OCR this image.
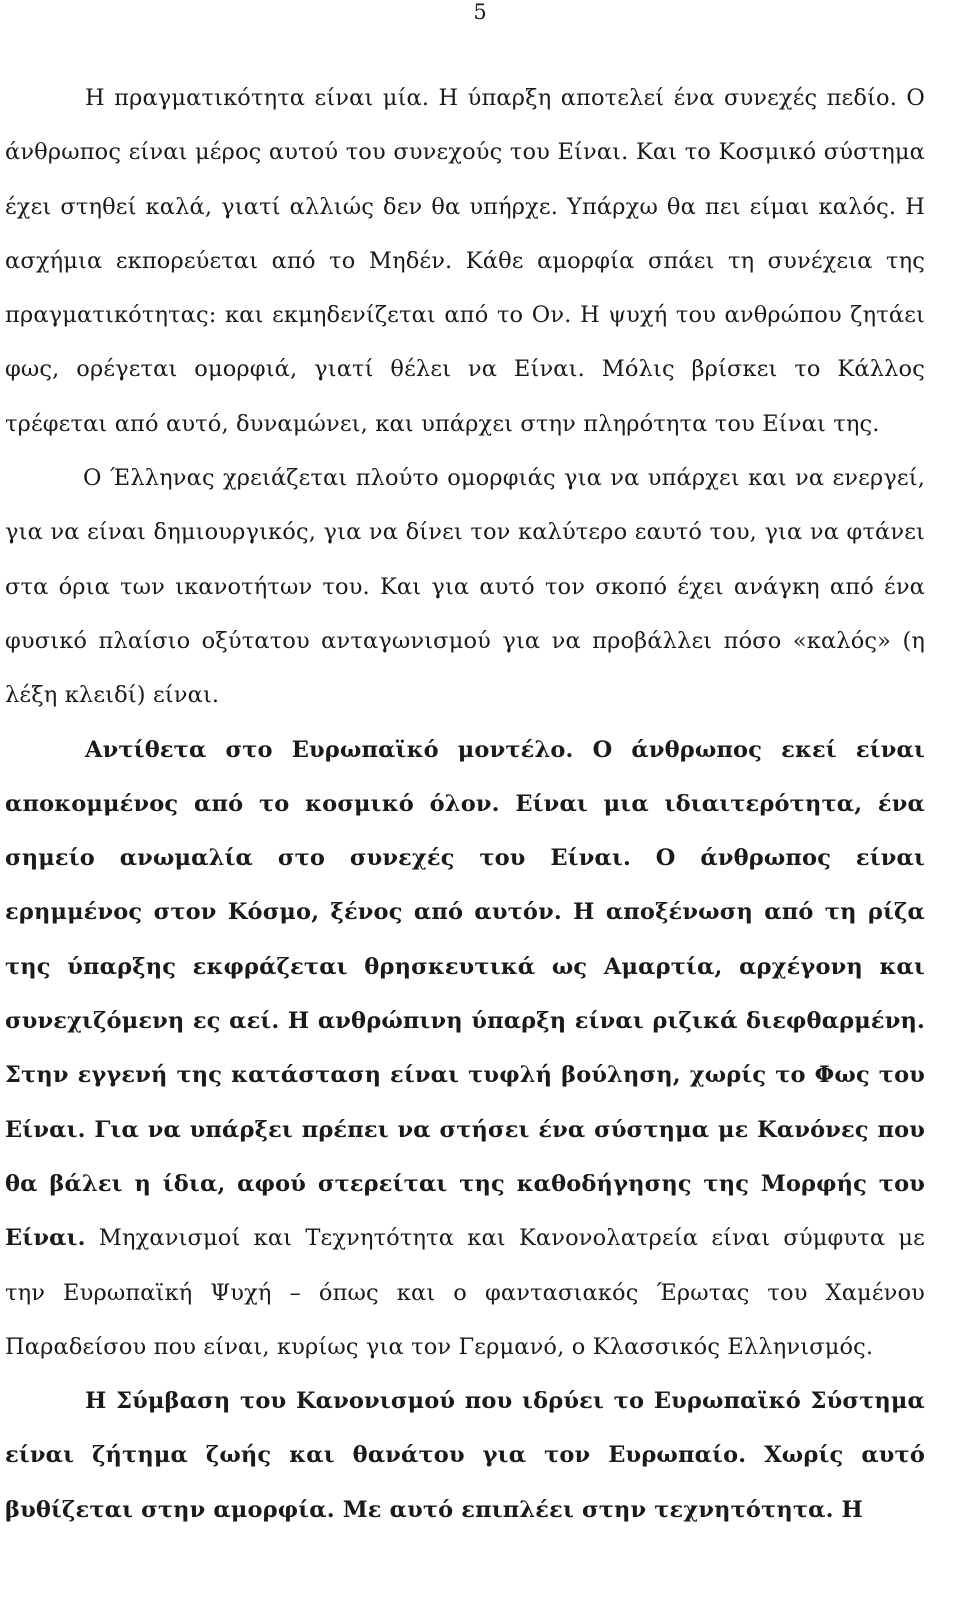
5

Η πραγματικότητα είναι μία. Η ύπαρξη αποτελεί ένα συνεχές πεδίο. Ο άνθρωπος είναι μέρος αυτού του συνεχούς του Είναι. Και το Κοσμικό σύστημα έχει στηθεί καλά, γιατί αλλιώς δεν θα υπήρχε. Υπάρχω θα πει είμαι καλός. Η ασχήμια εκπορεύεται από το Μηδέν. Κάθε αμορφία σπάει τη συνέχεια της πραγματικότητας: και εκμηδενίζεται από το Ον. Η ψυχή του ανθρώπου ζητάει φως, ορέγεται ομορφιά, γιατί θέλει να Είναι. Μόλις βρίσκει το Κάλλος τρέφεται από αυτό, δυναμώνει, και υπάρχει στην πληρότητα του Είναι της.

Ο Έλληνας χρειάζεται πλούτο ομορφιάς για να υπάρχει και να ενεργεί, για να είναι δημιουργικός, για να δίνει τον καλύτερο εαυτό του, για να φτάνει στα όρια των ικανοτήτων του. Και για αυτό τον σκοπό έχει ανάγκη από ένα φυσικό πλαίσιο οξύτατου ανταγωνισμού για να προβάλλει πόσο «καλός» (η λέξη κλειδί) είναι.

Αντίθετα στο Ευρωπαϊκό μοντέλο. Ο άνθρωπος εκεί είναι αποκομμένος από το κοσμικό όλον. Είναι μια ιδιαιτερότητα, ένα σημείο ανωμαλία στο συνεχές του Είναι. Ο άνθρωπος είναι ερημμένος στον Κόσμο, ξένος από αυτόν. Η αποξένωση από τη ρίζα της ύπαρξης εκφράζεται θρησκευτικά ως Αμαρτία, αρχέγονη και συνεχιζόμενη ες αεί. Η ανθρώπινη ύπαρξη είναι ριζικά διεφθαρμένη. Στην εγγενή της κατάσταση είναι τυφλή βούληση, χωρίς το Φως του Είναι. Για να υπάρξει πρέπει να στήσει ένα σύστημα με Κανόνες που θα βάλει η ίδια, αφού στερείται της καθοδήγησης της Μορφής του Είναι. Μηχανισμοί και Τεχνητότητα και Κανονολατρεία είναι σύμφυτα με την Ευρωπαϊκή Ψυχή – όπως και ο φαντασιακός Έρωτας του Χαμένου Παραδείσου που είναι, κυρίως για τον Γερμανό, ο Κλασσικός Ελληνισμός.

Η Σύμβαση του Κανονισμού που ιδρύει το Ευρωπαϊκό Σύστημα είναι ζήτημα ζωής και θανάτου για τον Ευρωπαίο. Χωρίς αυτό βυθίζεται στην αμορφία. Με αυτό επιπλέει στην τεχνητότητα. Η
